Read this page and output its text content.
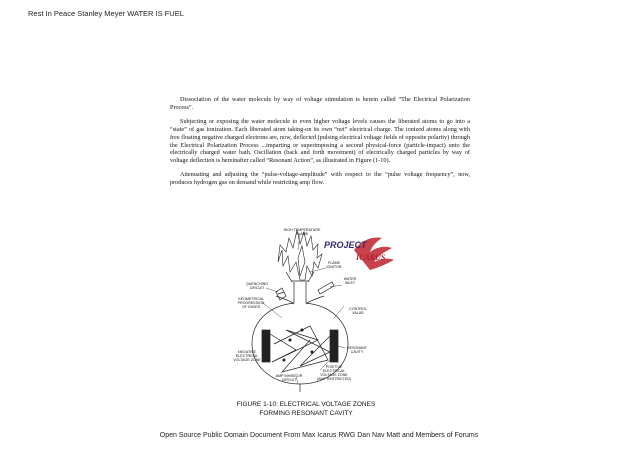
Rest In Peace Stanley Meyer WATER IS FUEL

Dissociation of the water molecule by way of voltage stimulation is herein called “The Electrical Polarization Process”.

Subjecting or exposing the water molecule to even higher voltage levels causes the liberated atoms to go into a “state” of gas ionization. Each liberated atom taking-on its own “net” electrical charge. The ionized atoms along with free floating negative charged electrons are, now, deflected (pulsing electrical voltage fields of opposite polarity) through the Electrical Polarization Process ...imparting or superimposing a second physical-force (particle-impact) unto the electrically charged water bath. Oscillation (back and forth movement) of electrically charged particles by way of voltage deflection is hereinafter called “Resonant Action”, as illustrated in Figure (1-10).

Attenuating and adjusting the “pulse-voltage-amplitude” with respect to the “pulse voltage frequency”, now, produces hydrogen gas on demand while restricting amp flow.

HIGH TEMPERATURE
FLAME
FLAME
IGNITOR
QUENCHING
CIRCUIT
WATER
INLET
GEOMETRICAL
PROGRESSION
OF GASES	CONTROL
VALUE
NEGATIVE
ELECTRICAL
VOLTAGE ZONE
RESONANT
CAVITY
POSITIVE
ELECTRICAL
VOLTAGE ZONE
(AMP RESTRICTED)
AMP INHIBITOR
CIRCUIT
PROJECT
ICARUS
FIGURE 1-10: ELECTRICAL VOLTAGE ZONES
FORMING RESONANT CAVITY
Open Source Public Domain Document From Max Icarus RWG Dan Nav Matt and Members of Forums
